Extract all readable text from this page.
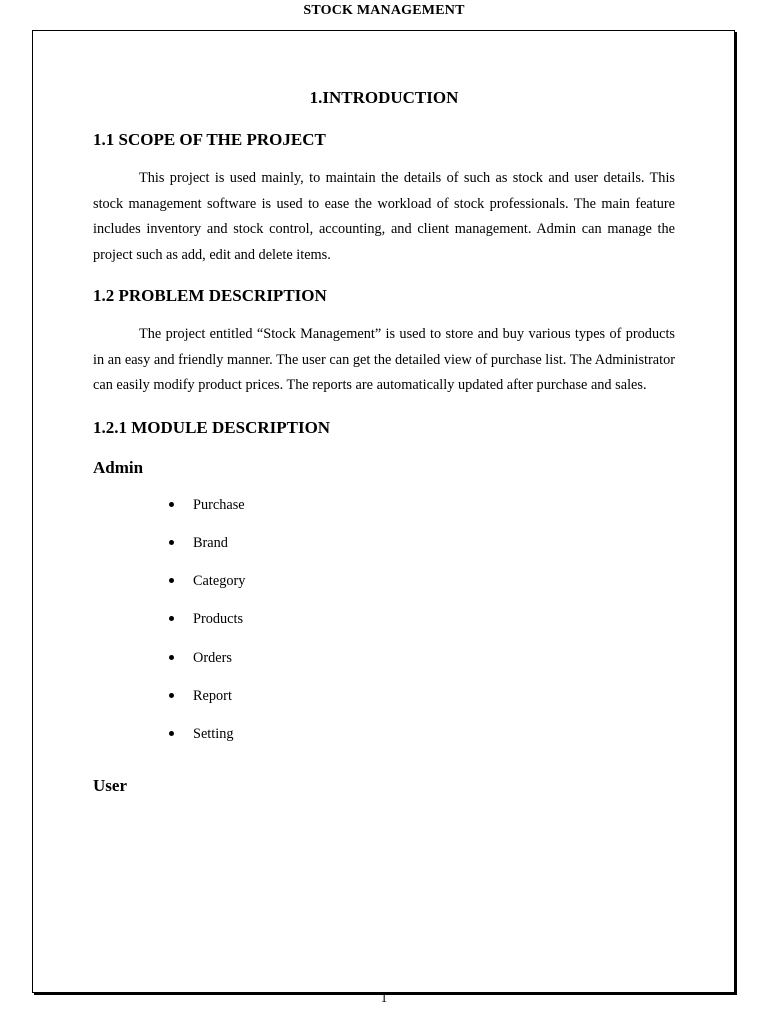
STOCK MANAGEMENT
1.INTRODUCTION
1.1 SCOPE OF THE PROJECT

This project is used mainly, to maintain the details of such as stock and user details. This stock management software is used to ease the workload of stock professionals. The main feature includes inventory and stock control, accounting, and client management. Admin can manage the project such as add, edit and delete items.

1.2 PROBLEM DESCRIPTION

The project entitled “Stock Management” is used to store and buy various types of products in an easy and friendly manner. The user can get the detailed view of purchase list. The Administrator can easily modify product prices. The reports are automatically updated after purchase and sales.

1.2.1 MODULE DESCRIPTION
Admin
Purchase
Brand
Category
Products
Orders
Report
Setting
User
1
